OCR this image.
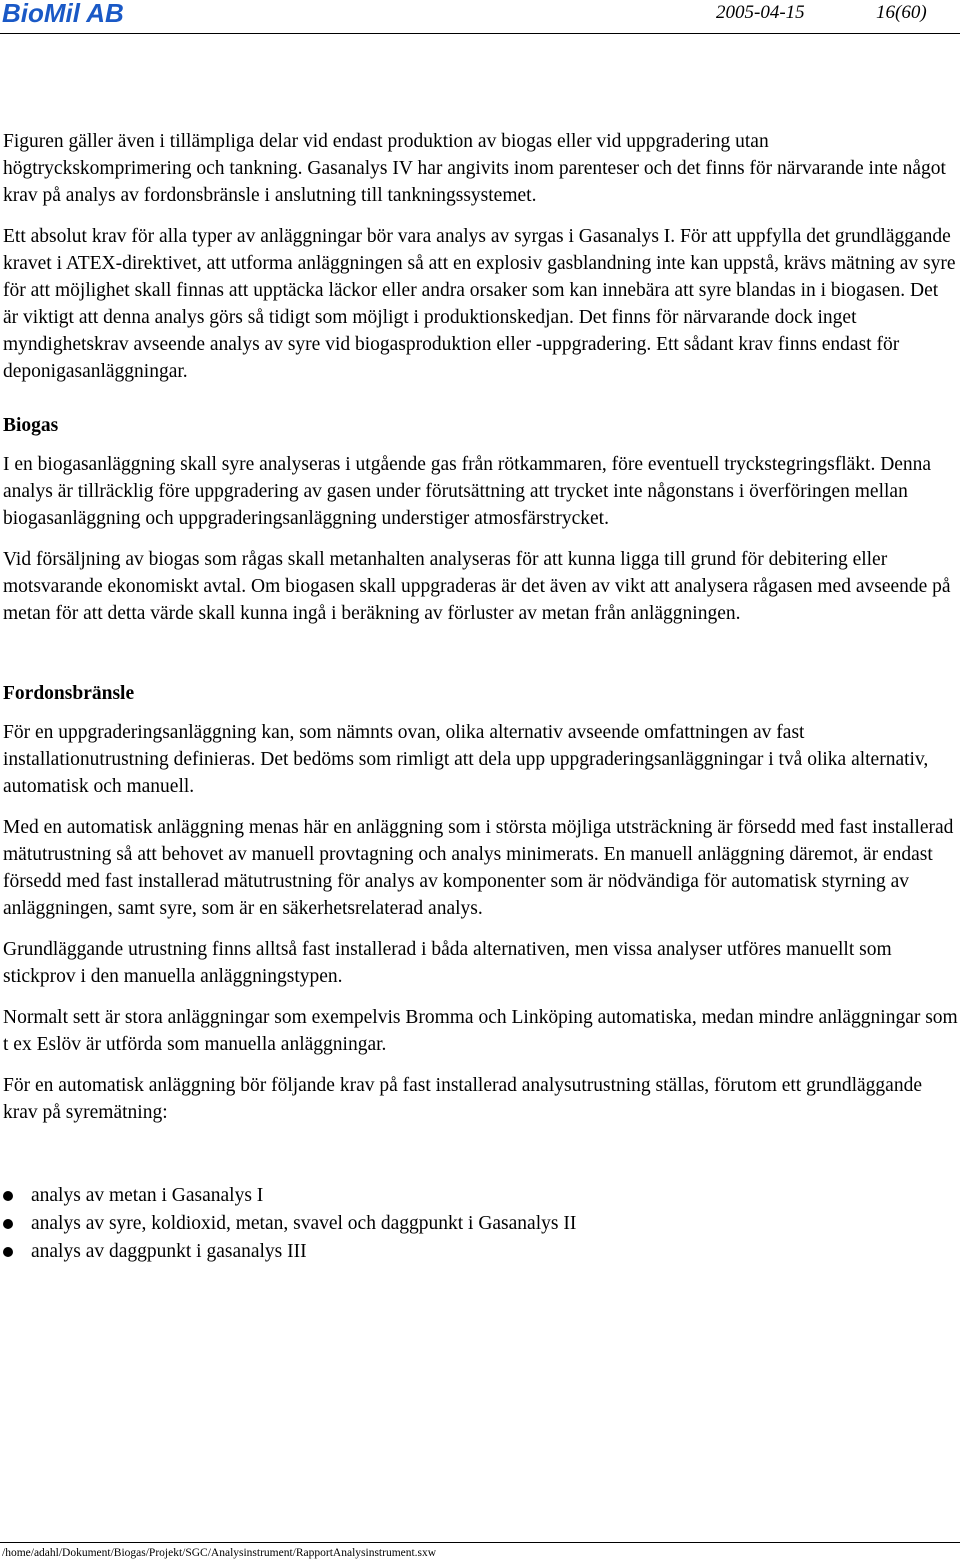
BioMil AB	2005-04-15	16(60)

Figuren gäller även i tillämpliga delar vid endast produktion av biogas eller vid uppgradering utan högtryckskomprimering och tankning. Gasanalys IV har angivits inom parenteser och det finns för närvarande inte något krav på analys av fordonsbränsle i anslutning till tankningssystemet.

Ett absolut krav för alla typer av anläggningar bör vara analys av syrgas i Gasanalys I. För att uppfylla det grundläggande kravet i ATEX-direktivet, att utforma anläggningen så att en explosiv gasblandning inte kan uppstå, krävs mätning av syre för att möjlighet skall finnas att upptäcka läckor eller andra orsaker som kan innebära att syre blandas in i biogasen. Det är viktigt att denna analys görs så tidigt som möjligt i produktionskedjan. Det finns för närvarande dock inget myndighetskrav avseende analys av syre vid biogasproduktion eller -uppgradering. Ett sådant krav finns endast för deponigasanläggningar.

Biogas

I en biogasanläggning skall syre analyseras i utgående gas från rötkammaren, före eventuell tryckstegringsfläkt. Denna analys är tillräcklig före uppgradering av gasen under förutsättning att trycket inte någonstans i överföringen mellan biogasanläggning och uppgraderingsanläggning understiger atmosfärstrycket.

Vid försäljning av biogas som rågas skall metanhalten analyseras för att kunna ligga till grund för debitering eller motsvarande ekonomiskt avtal. Om biogasen skall uppgraderas är det även av vikt att analysera rågasen med avseende på metan för att detta värde skall kunna ingå i beräkning av förluster av metan från anläggningen.

Fordonsbränsle

För en uppgraderingsanläggning kan, som nämnts ovan, olika alternativ avseende omfattningen av fast installationutrustning definieras. Det bedöms som rimligt att dela upp uppgraderingsanläggningar i två olika alternativ, automatisk och manuell.

Med en automatisk anläggning menas här en anläggning som i största möjliga utsträckning är försedd med fast installerad mätutrustning så att behovet av manuell provtagning och analys minimerats. En manuell anläggning däremot, är endast försedd med fast installerad mätutrustning för analys av komponenter som är nödvändiga för automatisk styrning av anläggningen, samt syre, som är en säkerhetsrelaterad analys.

Grundläggande utrustning finns alltså fast installerad i båda alternativen, men vissa analyser utföres manuellt som stickprov i den manuella anläggningstypen.

Normalt sett är stora anläggningar som exempelvis Bromma och Linköping automatiska, medan mindre anläggningar som t ex Eslöv är utförda som manuella anläggningar.

För en automatisk anläggning bör följande krav på fast installerad analysutrustning ställas, förutom ett grundläggande krav på syremätning:

analys av metan i Gasanalys I
analys av syre, koldioxid, metan, svavel och daggpunkt i Gasanalys II
analys av daggpunkt i gasanalys III
/home/adahl/Dokument/Biogas/Projekt/SGC/Analysinstrument/RapportAnalysinstrument.sxw
